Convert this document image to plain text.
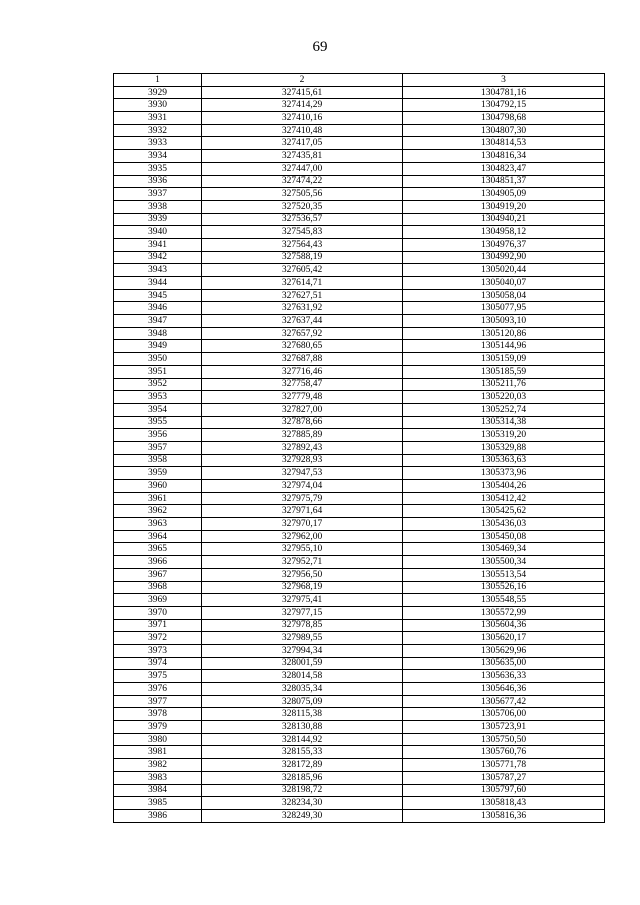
69
1	2	3
3929	327415,61	1304781,16
3930	327414,29	1304792,15
3931	327410,16	1304798,68
3932	327410,48	1304807,30
3933	327417,05	1304814,53
3934	327435,81	1304816,34
3935	327447,00	1304823,47
3936	327474,22	1304851,37
3937	327505,56	1304905,09
3938	327520,35	1304919,20
3939	327536,57	1304940,21
3940	327545,83	1304958,12
3941	327564,43	1304976,37
3942	327588,19	1304992,90
3943	327605,42	1305020,44
3944	327614,71	1305040,07
3945	327627,51	1305058,04
3946	327631,92	1305077,95
3947	327637,44	1305093,10
3948	327657,92	1305120,86
3949	327680,65	1305144,96
3950	327687,88	1305159,09
3951	327716,46	1305185,59
3952	327758,47	1305211,76
3953	327779,48	1305220,03
3954	327827,00	1305252,74
3955	327878,66	1305314,38
3956	327885,89	1305319,20
3957	327892,43	1305329,88
3958	327928,93	1305363,63
3959	327947,53	1305373,96
3960	327974,04	1305404,26
3961	327975,79	1305412,42
3962	327971,64	1305425,62
3963	327970,17	1305436,03
3964	327962,00	1305450,08
3965	327955,10	1305469,34
3966	327952,71	1305500,34
3967	327956,50	1305513,54
3968	327968,19	1305526,16
3969	327975,41	1305548,55
3970	327977,15	1305572,99
3971	327978,85	1305604,36
3972	327989,55	1305620,17
3973	327994,34	1305629,96
3974	328001,59	1305635,00
3975	328014,58	1305636,33
3976	328035,34	1305646,36
3977	328075,09	1305677,42
3978	328115,38	1305706,00
3979	328130,88	1305723,91
3980	328144,92	1305750,50
3981	328155,33	1305760,76
3982	328172,89	1305771,78
3983	328185,96	1305787,27
3984	328198,72	1305797,60
3985	328234,30	1305818,43
3986	328249,30	1305816,36
